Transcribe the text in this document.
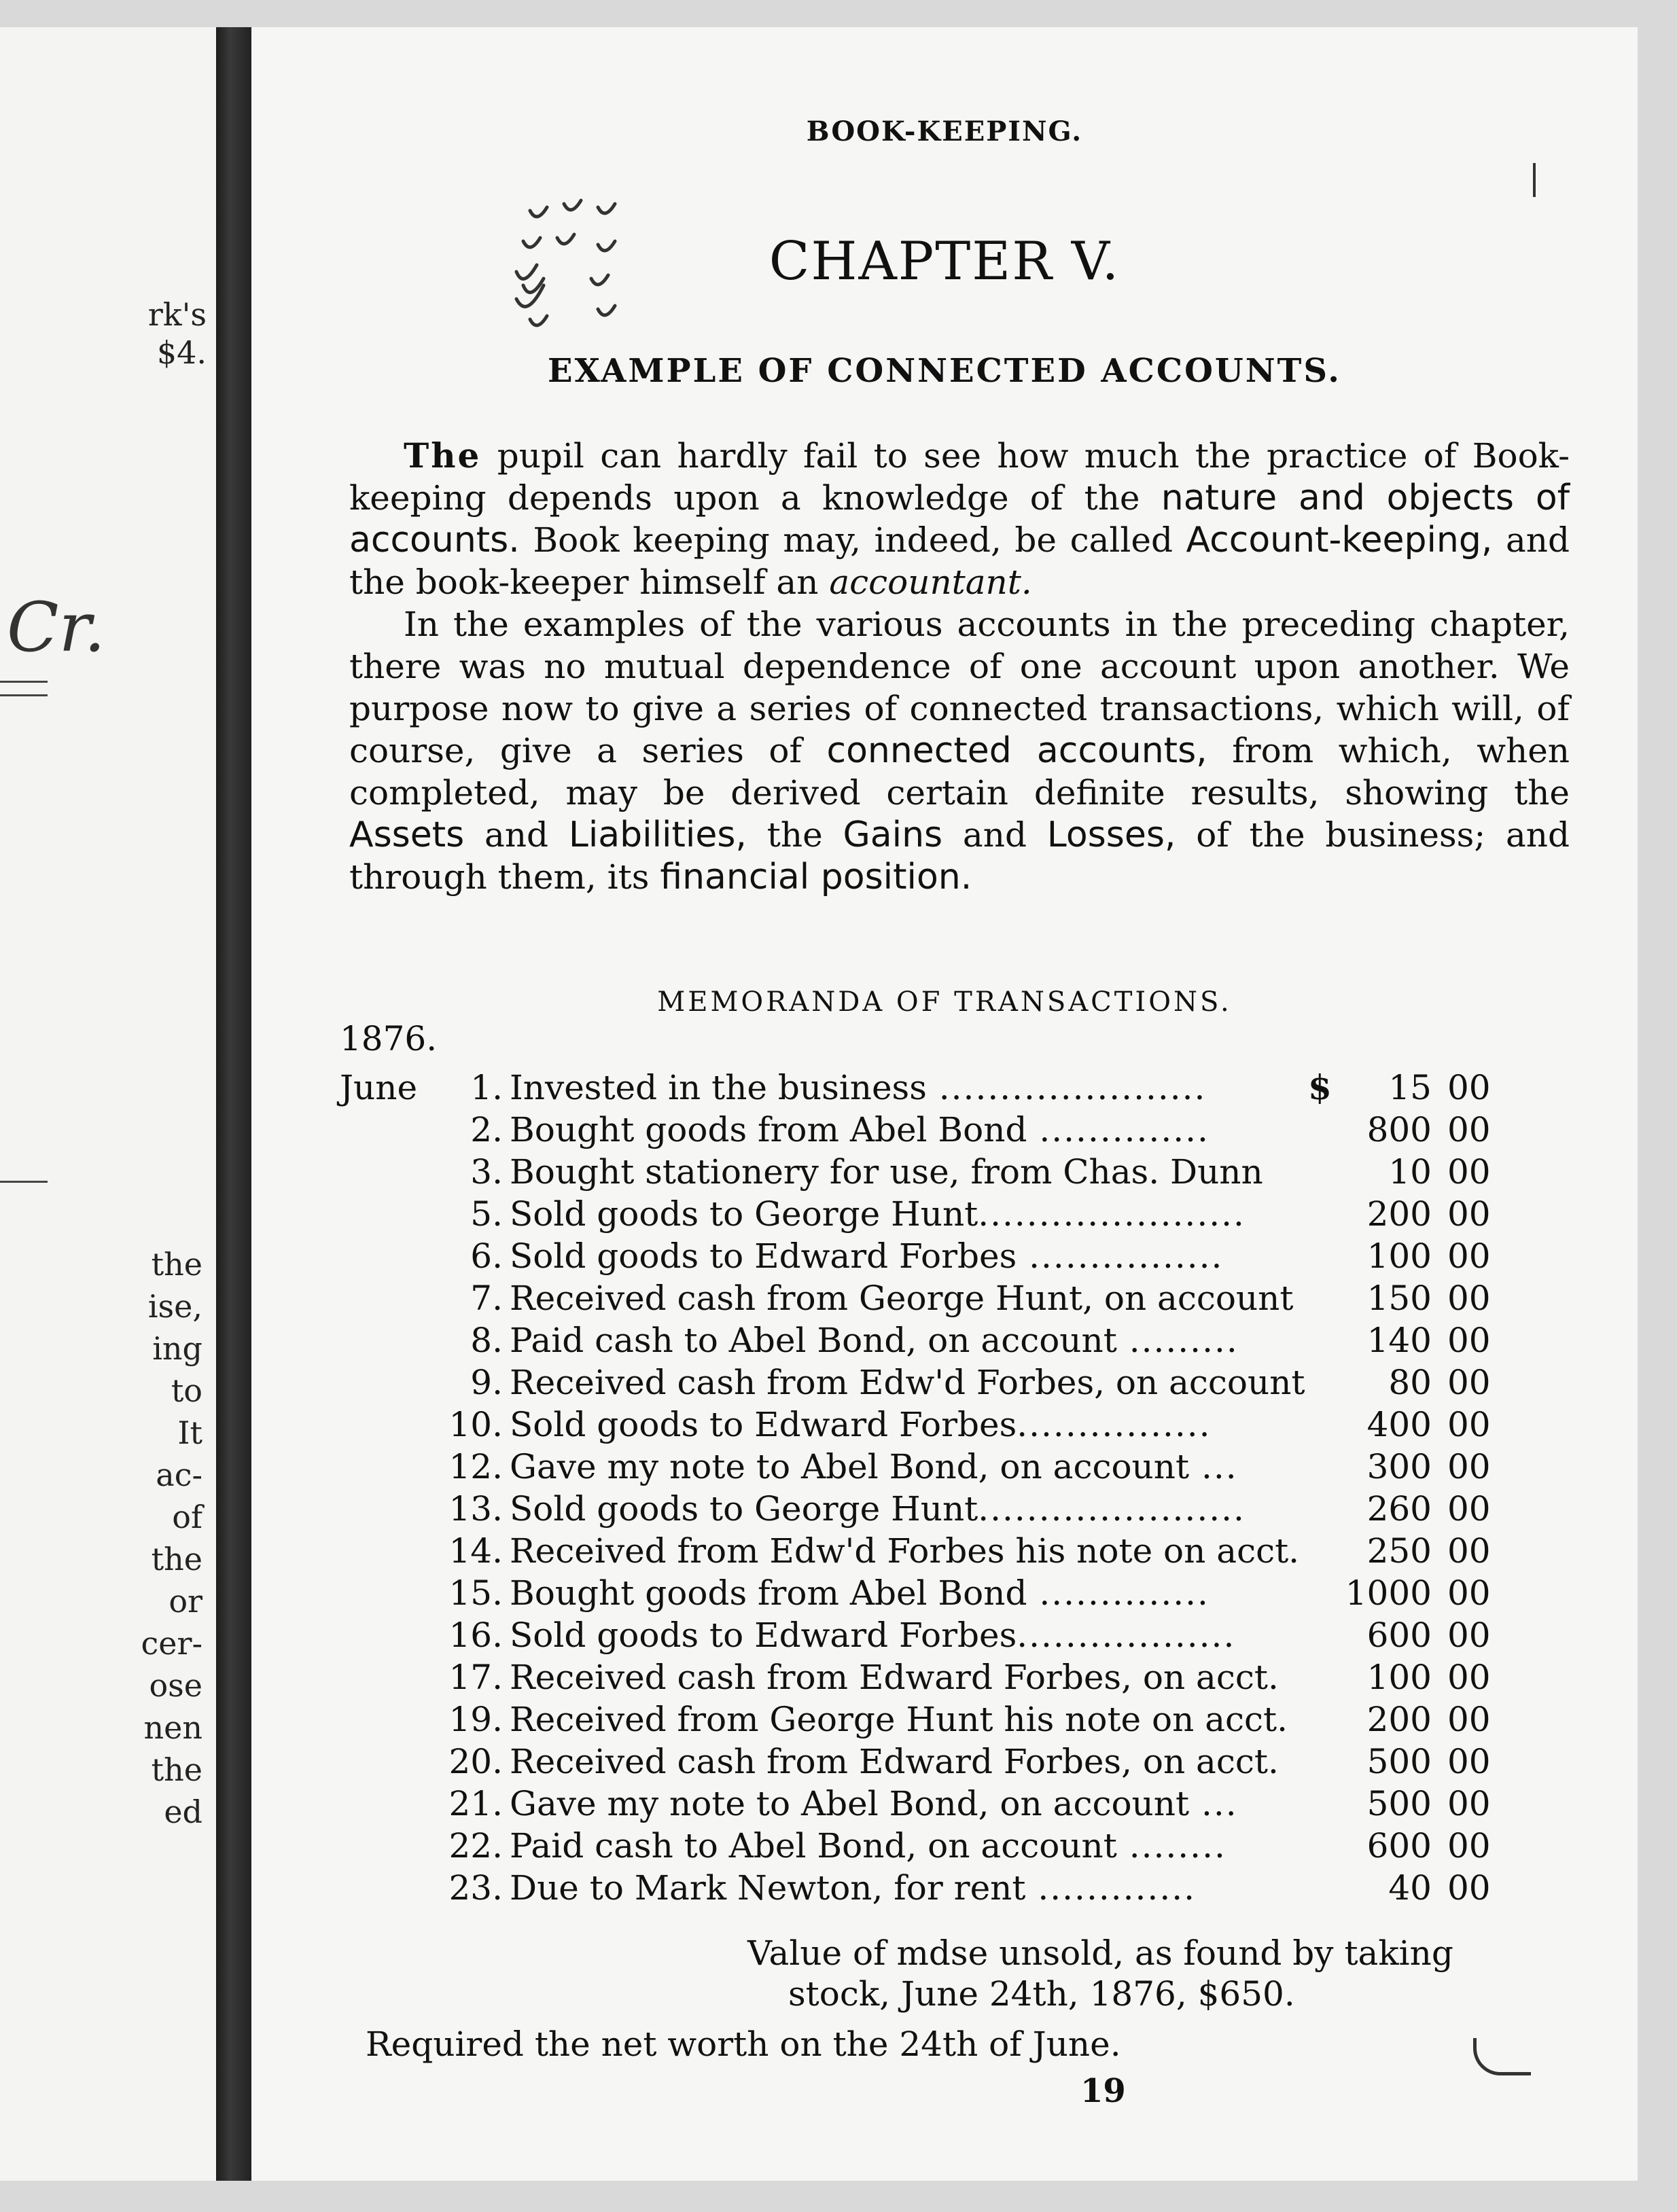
rk's
$4.
Cr.
the
ise,
ing
to
It
ac-
of
the
or
cer-
ose
nen
the
ed
BOOK-KEEPING.
CHAPTER V.
EXAMPLE OF CONNECTED ACCOUNTS.

The pupil can hardly fail to see how much the practice of Book-keeping depends upon a knowledge of the nature and objects of accounts. Book keeping may, indeed, be called Account-keeping, and the book-keeper himself an accountant.

In the examples of the various accounts in the preceding chapter, there was no mutual dependence of one account upon another. We purpose now to give a series of connected transactions, which will, of course, give a series of connected accounts, from which, when completed, may be derived certain definite results, showing the Assets and Liabilities, the Gains and Losses, of the business; and through them, its financial position.

MEMORANDA OF TRANSACTIONS.
1876.
June	1. Invested in the business ......................	$	15 00
2. Bought goods from Abel Bond ..............	800 00
3. Bought stationery for use, from Chas. Dunn	10 00
5. Sold goods to George Hunt......................	200 00
6. Sold goods to Edward Forbes ................	100 00
7. Received cash from George Hunt, on account	150 00
8. Paid cash to Abel Bond, on account .........	140 00
9. Received cash from Edw'd Forbes, on account	80 00
10. Sold goods to Edward Forbes................	400 00
12. Gave my note to Abel Bond, on account ...	300 00
13. Sold goods to George Hunt......................	260 00
14. Received from Edw'd Forbes his note on acct.	250 00
15. Bought goods from Abel Bond ..............	1000 00
16. Sold goods to Edward Forbes..................	600 00
17. Received cash from Edward Forbes, on acct.	100 00
19. Received from George Hunt his note on acct.	200 00
20. Received cash from Edward Forbes, on acct.	500 00
21. Gave my note to Abel Bond, on account ...	500 00
22. Paid cash to Abel Bond, on account ........	600 00
23. Due to Mark Newton, for rent .............	40 00
Value of mdse unsold, as found by taking
stock, June 24th, 1876, $650.
Required the net worth on the 24th of June.
19
